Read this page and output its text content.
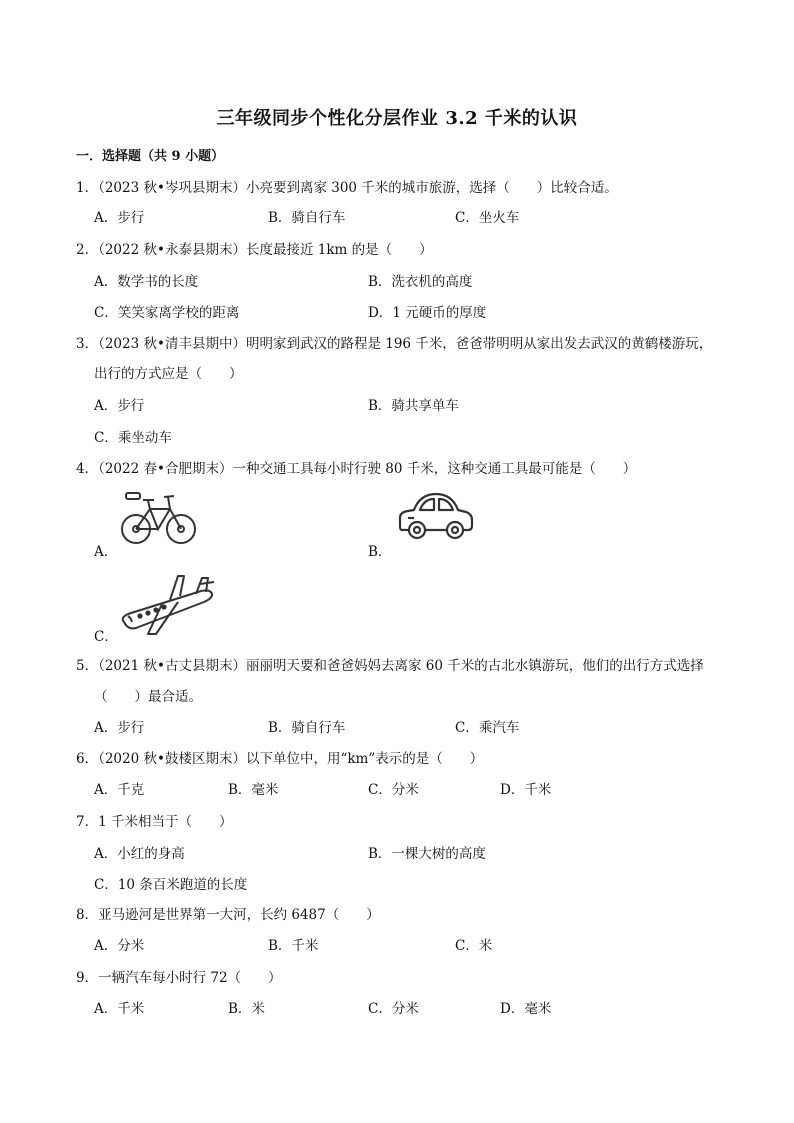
三年级同步个性化分层作业 3.2 千米的认识
一．选择题（共 9 小题）
1．（2023 秋•岑巩县期末）小亮要到离家 300 千米的城市旅游，选择（　　）比较合适。
A．步行	B．骑自行车	C．坐火车
2．（2022 秋•永泰县期末）长度最接近 1km 的是（　　）
A．数学书的长度	B．洗衣机的高度
C．笑笑家离学校的距离	D．1 元硬币的厚度
3．（2023 秋•清丰县期中）明明家到武汉的路程是 196 千米，爸爸带明明从家出发去武汉的黄鹤楼游玩，
出行的方式应是（　　）
A．步行	B．骑共享单车
C．乘坐动车
4．（2022 春•合肥期末）一种交通工具每小时行驶 80 千米，这种交通工具最可能是（　　）
A．	B．
C．
5．（2021 秋•古丈县期末）丽丽明天要和爸爸妈妈去离家 60 千米的古北水镇游玩，他们的出行方式选择
（　　）最合适。
A．步行	B．骑自行车	C．乘汽车
6．（2020 秋•鼓楼区期末）以下单位中，用“km”表示的是（　　）
A．千克	B．毫米	C．分米	D．千米
7．1 千米相当于（　　）
A．小红的身高	B．一棵大树的高度
C．10 条百米跑道的长度
8．亚马逊河是世界第一大河，长约 6487（　　）
A．分米	B．千米	C．米
9．一辆汽车每小时行 72（　　）
A．千米	B．米	C．分米	D．毫米
